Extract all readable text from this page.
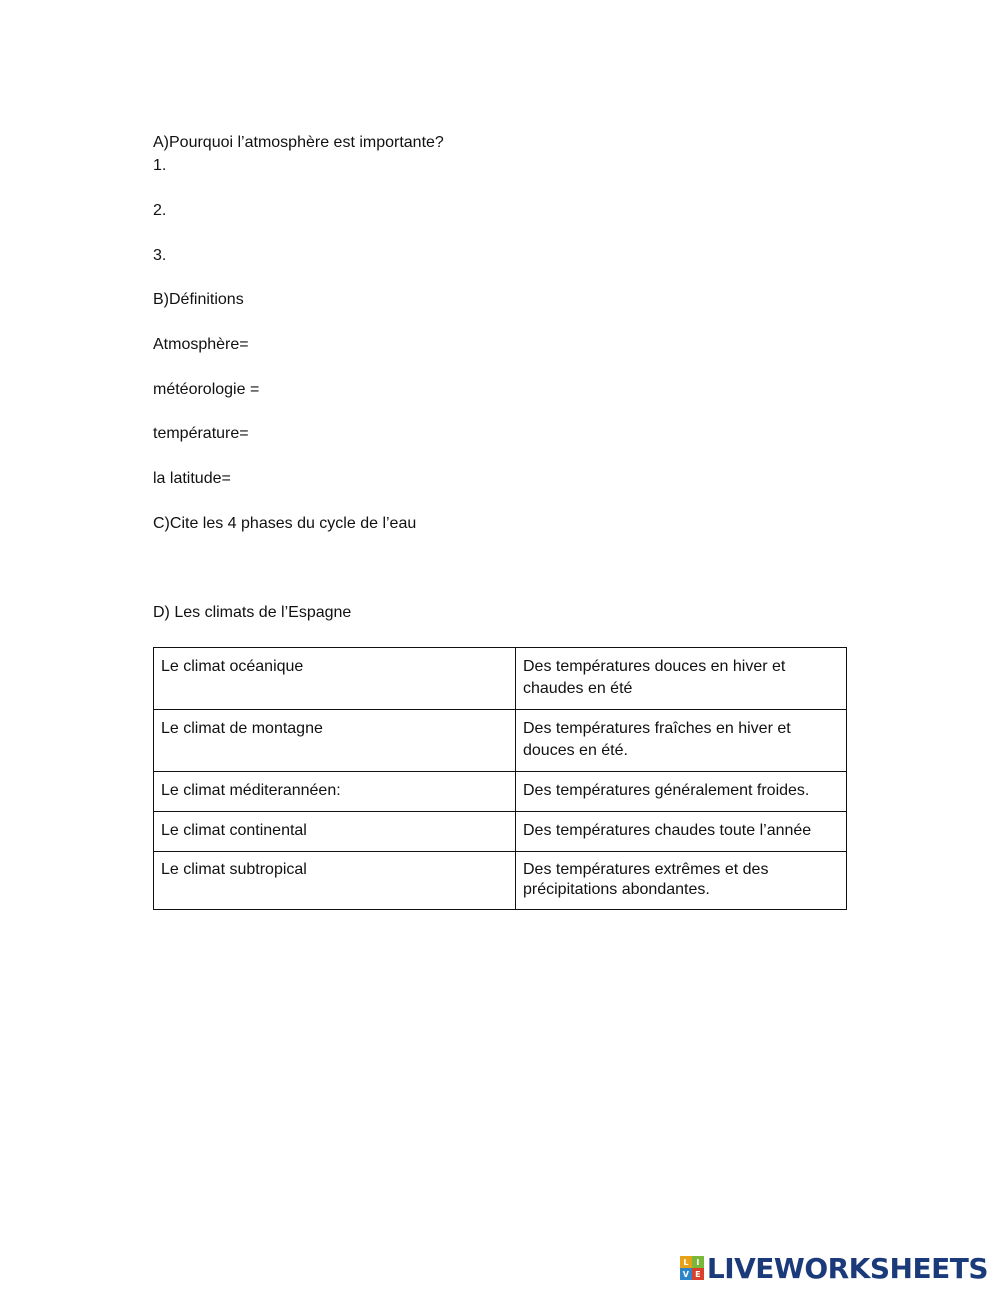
A)Pourquoi l’atmosphère est importante?
1.
2.
3.
B)Définitions
Atmosphère=
météorologie =
température=
la latitude=
C)Cite les 4 phases du cycle de l’eau
D) Les climats de l’Espagne
Le climat océanique	Des températures douces en hiver et chaudes en été
Le climat de montagne	Des températures fraîches en hiver et douces en été.
Le climat méditerannéen:	Des températures généralement froides.
Le climat continental	Des températures chaudes toute l’année
Le climat subtropical	Des températures extrêmes et des précipitations abondantes.
L I
V E LIVEWORKSHEETS
